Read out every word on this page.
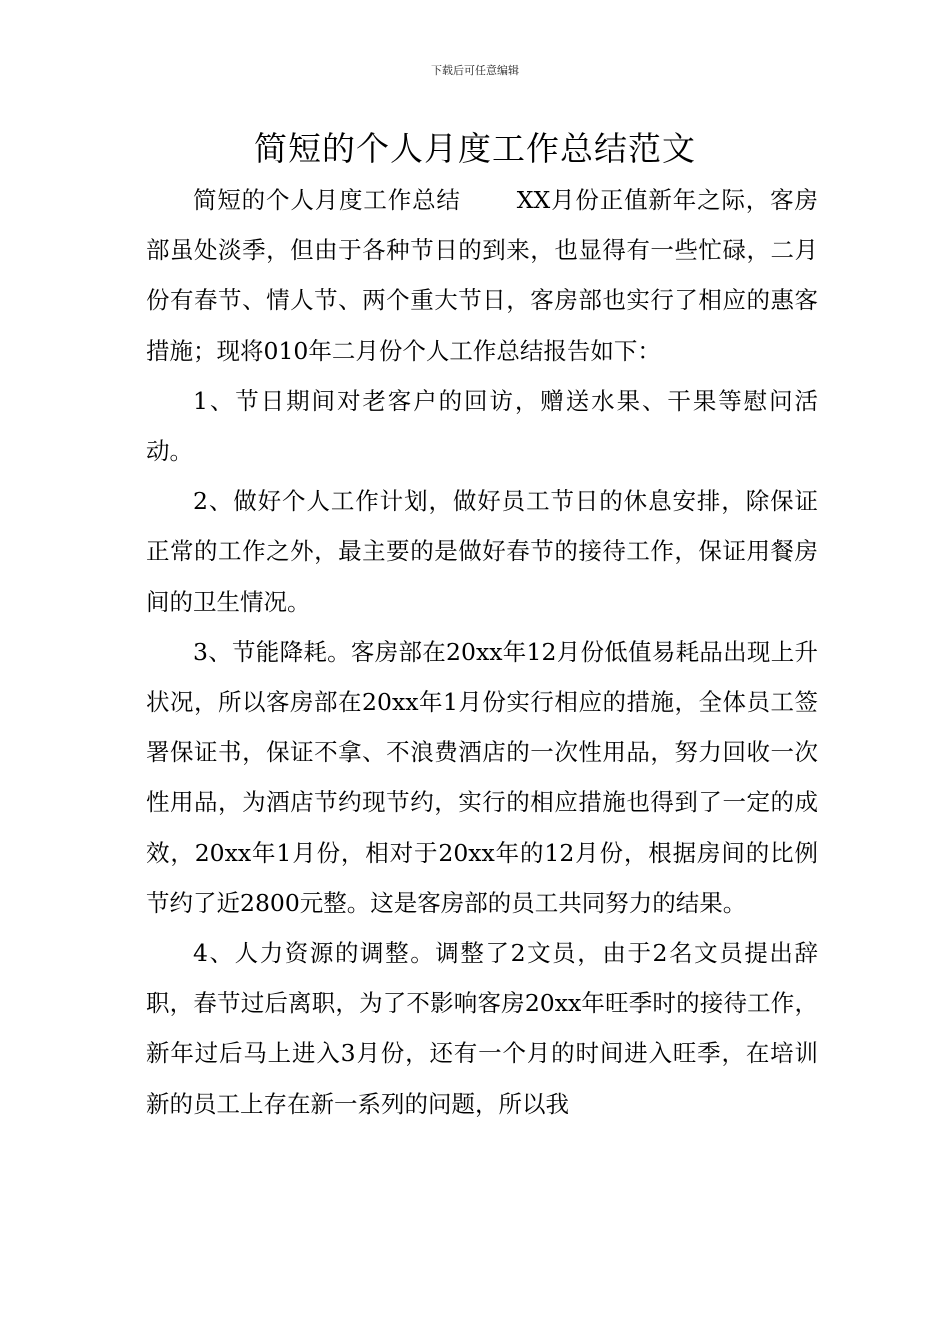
下载后可任意编辑
简短的个人月度工作总结范文

简短的个人月度工作总结 XX月份正值新年之际，客房部虽处淡季，但由于各种节日的到来，也显得有一些忙碌，二月份有春节、情人节、两个重大节日，客房部也实行了相应的惠客措施；现将010年二月份个人工作总结报告如下：

1、节日期间对老客户的回访，赠送水果、干果等慰问活动。

2、做好个人工作计划，做好员工节日的休息安排，除保证正常的工作之外，最主要的是做好春节的接待工作，保证用餐房间的卫生情况。

3、节能降耗。客房部在20xx年12月份低值易耗品出现上升状况，所以客房部在20xx年1月份实行相应的措施，全体员工签署保证书，保证不拿、不浪费酒店的一次性用品，努力回收一次性用品，为酒店节约现节约，实行的相应措施也得到了一定的成效，20xx年1月份，相对于20xx年的12月份，根据房间的比例节约了近2800元整。这是客房部的员工共同努力的结果。

4、人力资源的调整。调整了2文员，由于2名文员提出辞职，春节过后离职，为了不影响客房20xx年旺季时的接待工作，新年过后马上进入3月份，还有一个月的时间进入旺季，在培训新的员工上存在新一系列的问题，所以我
